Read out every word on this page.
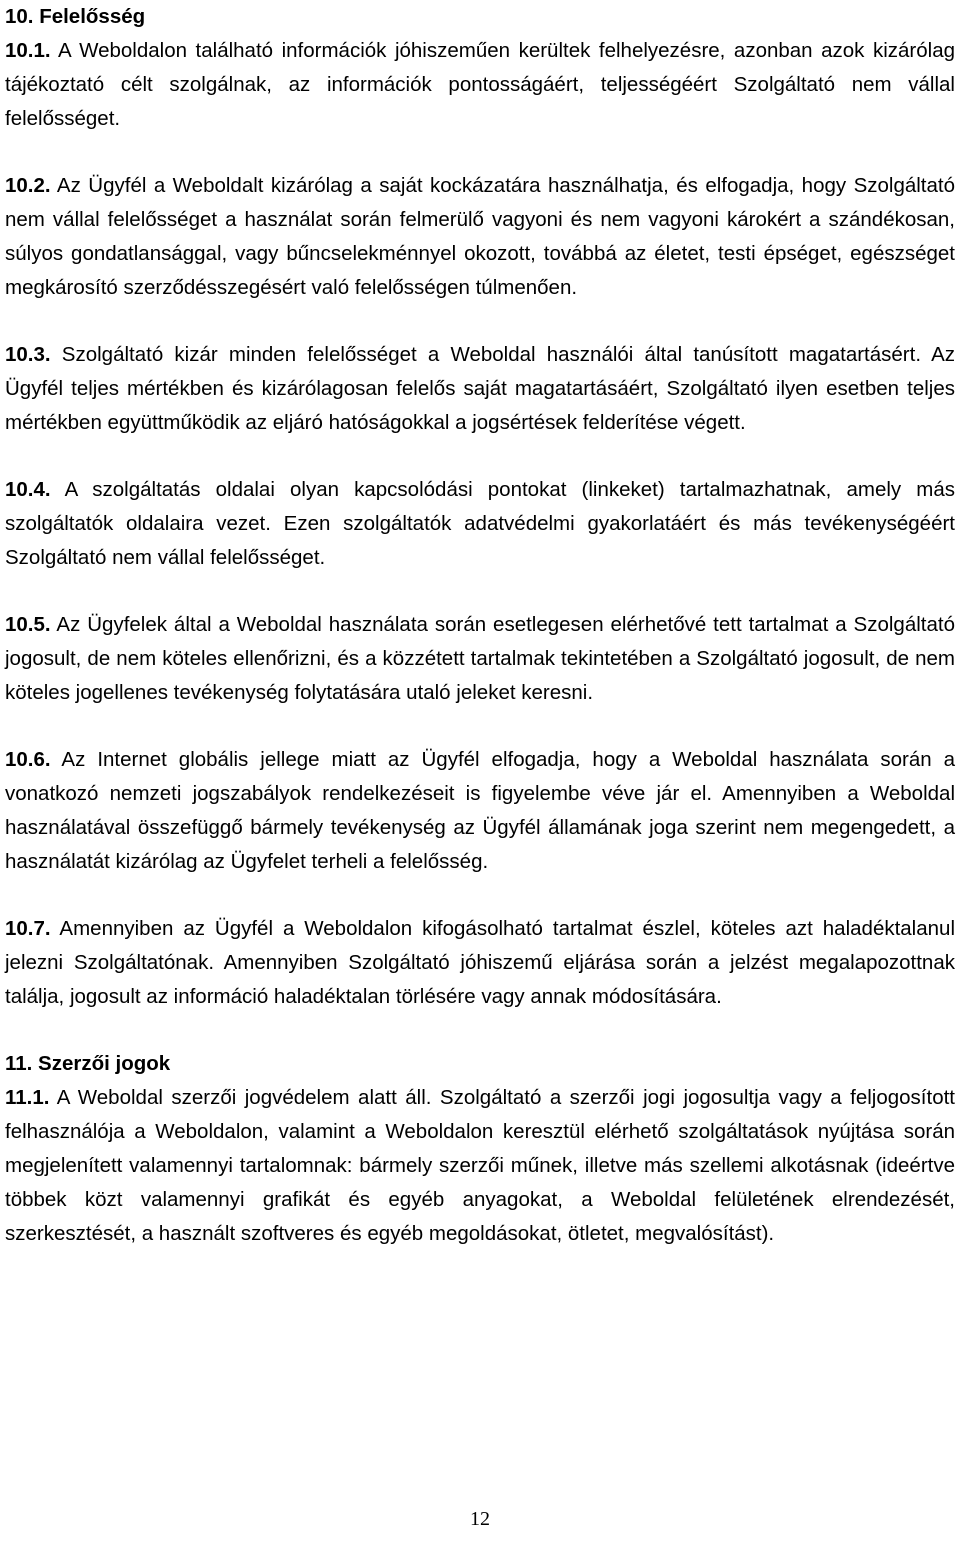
10. Felelősség

10.1. A Weboldalon található információk jóhiszeműen kerültek felhelyezésre, azonban azok kizárólag tájékoztató célt szolgálnak, az információk pontosságáért, teljességéért Szolgáltató nem vállal felelősséget.

10.2. Az Ügyfél a Weboldalt kizárólag a saját kockázatára használhatja, és elfogadja, hogy Szolgáltató nem vállal felelősséget a használat során felmerülő vagyoni és nem vagyoni károkért a szándékosan, súlyos gondatlansággal, vagy bűncselekménnyel okozott, továbbá az életet, testi épséget, egészséget megkárosító szerződésszegésért való felelősségen túlmenően.

10.3. Szolgáltató kizár minden felelősséget a Weboldal használói által tanúsított magatartásért. Az Ügyfél teljes mértékben és kizárólagosan felelős saját magatartásáért, Szolgáltató ilyen esetben teljes mértékben együttműködik az eljáró hatóságokkal a jogsértések felderítése végett.

10.4. A szolgáltatás oldalai olyan kapcsolódási pontokat (linkeket) tartalmazhatnak, amely más szolgáltatók oldalaira vezet. Ezen szolgáltatók adatvédelmi gyakorlatáért és más tevékenységéért Szolgáltató nem vállal felelősséget.

10.5. Az Ügyfelek által a Weboldal használata során esetlegesen elérhetővé tett tartalmat a Szolgáltató jogosult, de nem köteles ellenőrizni, és a közzétett tartalmak tekintetében a Szolgáltató jogosult, de nem köteles jogellenes tevékenység folytatására utaló jeleket keresni.

10.6. Az Internet globális jellege miatt az Ügyfél elfogadja, hogy a Weboldal használata során a vonatkozó nemzeti jogszabályok rendelkezéseit is figyelembe véve jár el. Amennyiben a Weboldal használatával összefüggő bármely tevékenység az Ügyfél államának joga szerint nem megengedett, a használatát kizárólag az Ügyfelet terheli a felelősség.

10.7. Amennyiben az Ügyfél a Weboldalon kifogásolható tartalmat észlel, köteles azt haladéktalanul jelezni Szolgáltatónak. Amennyiben Szolgáltató jóhiszemű eljárása során a jelzést megalapozottnak találja, jogosult az információ haladéktalan törlésére vagy annak módosítására.

11. Szerzői jogok

11.1. A Weboldal szerzői jogvédelem alatt áll. Szolgáltató a szerzői jogi jogosultja vagy a feljogosított felhasználója a Weboldalon, valamint a Weboldalon keresztül elérhető szolgáltatások nyújtása során megjelenített valamennyi tartalomnak: bármely szerzői műnek, illetve más szellemi alkotásnak (ideértve többek közt valamennyi grafikát és egyéb anyagokat, a Weboldal felületének elrendezését, szerkesztését, a használt szoftveres és egyéb megoldásokat, ötletet, megvalósítást).

12
